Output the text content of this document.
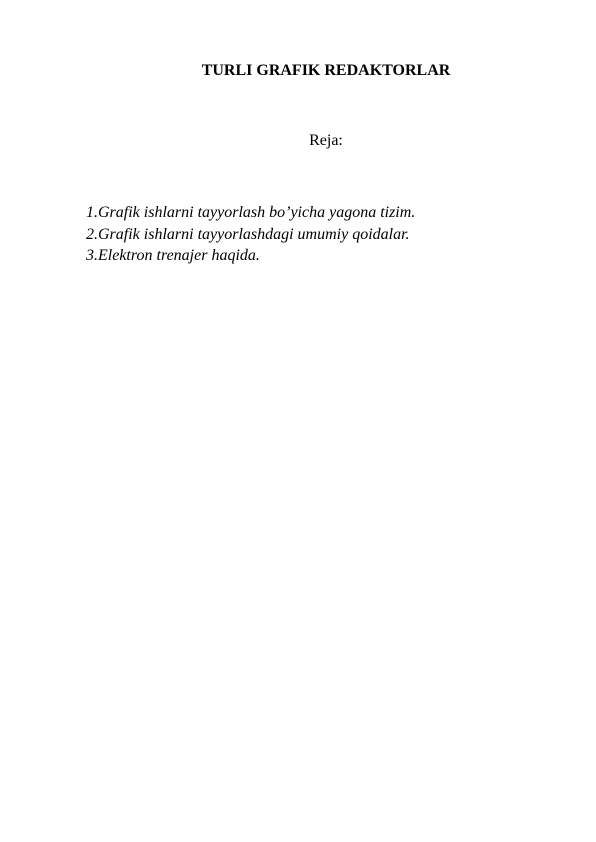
TURLI GRAFIK REDAKTORLAR
Reja:
1. Grafik ishlarni tayyorlash bo’yicha yagona tizim.
2. Grafik ishlarni tayyorlashdagi umumiy qoidalar.
3. Elektron trenajer haqida.
